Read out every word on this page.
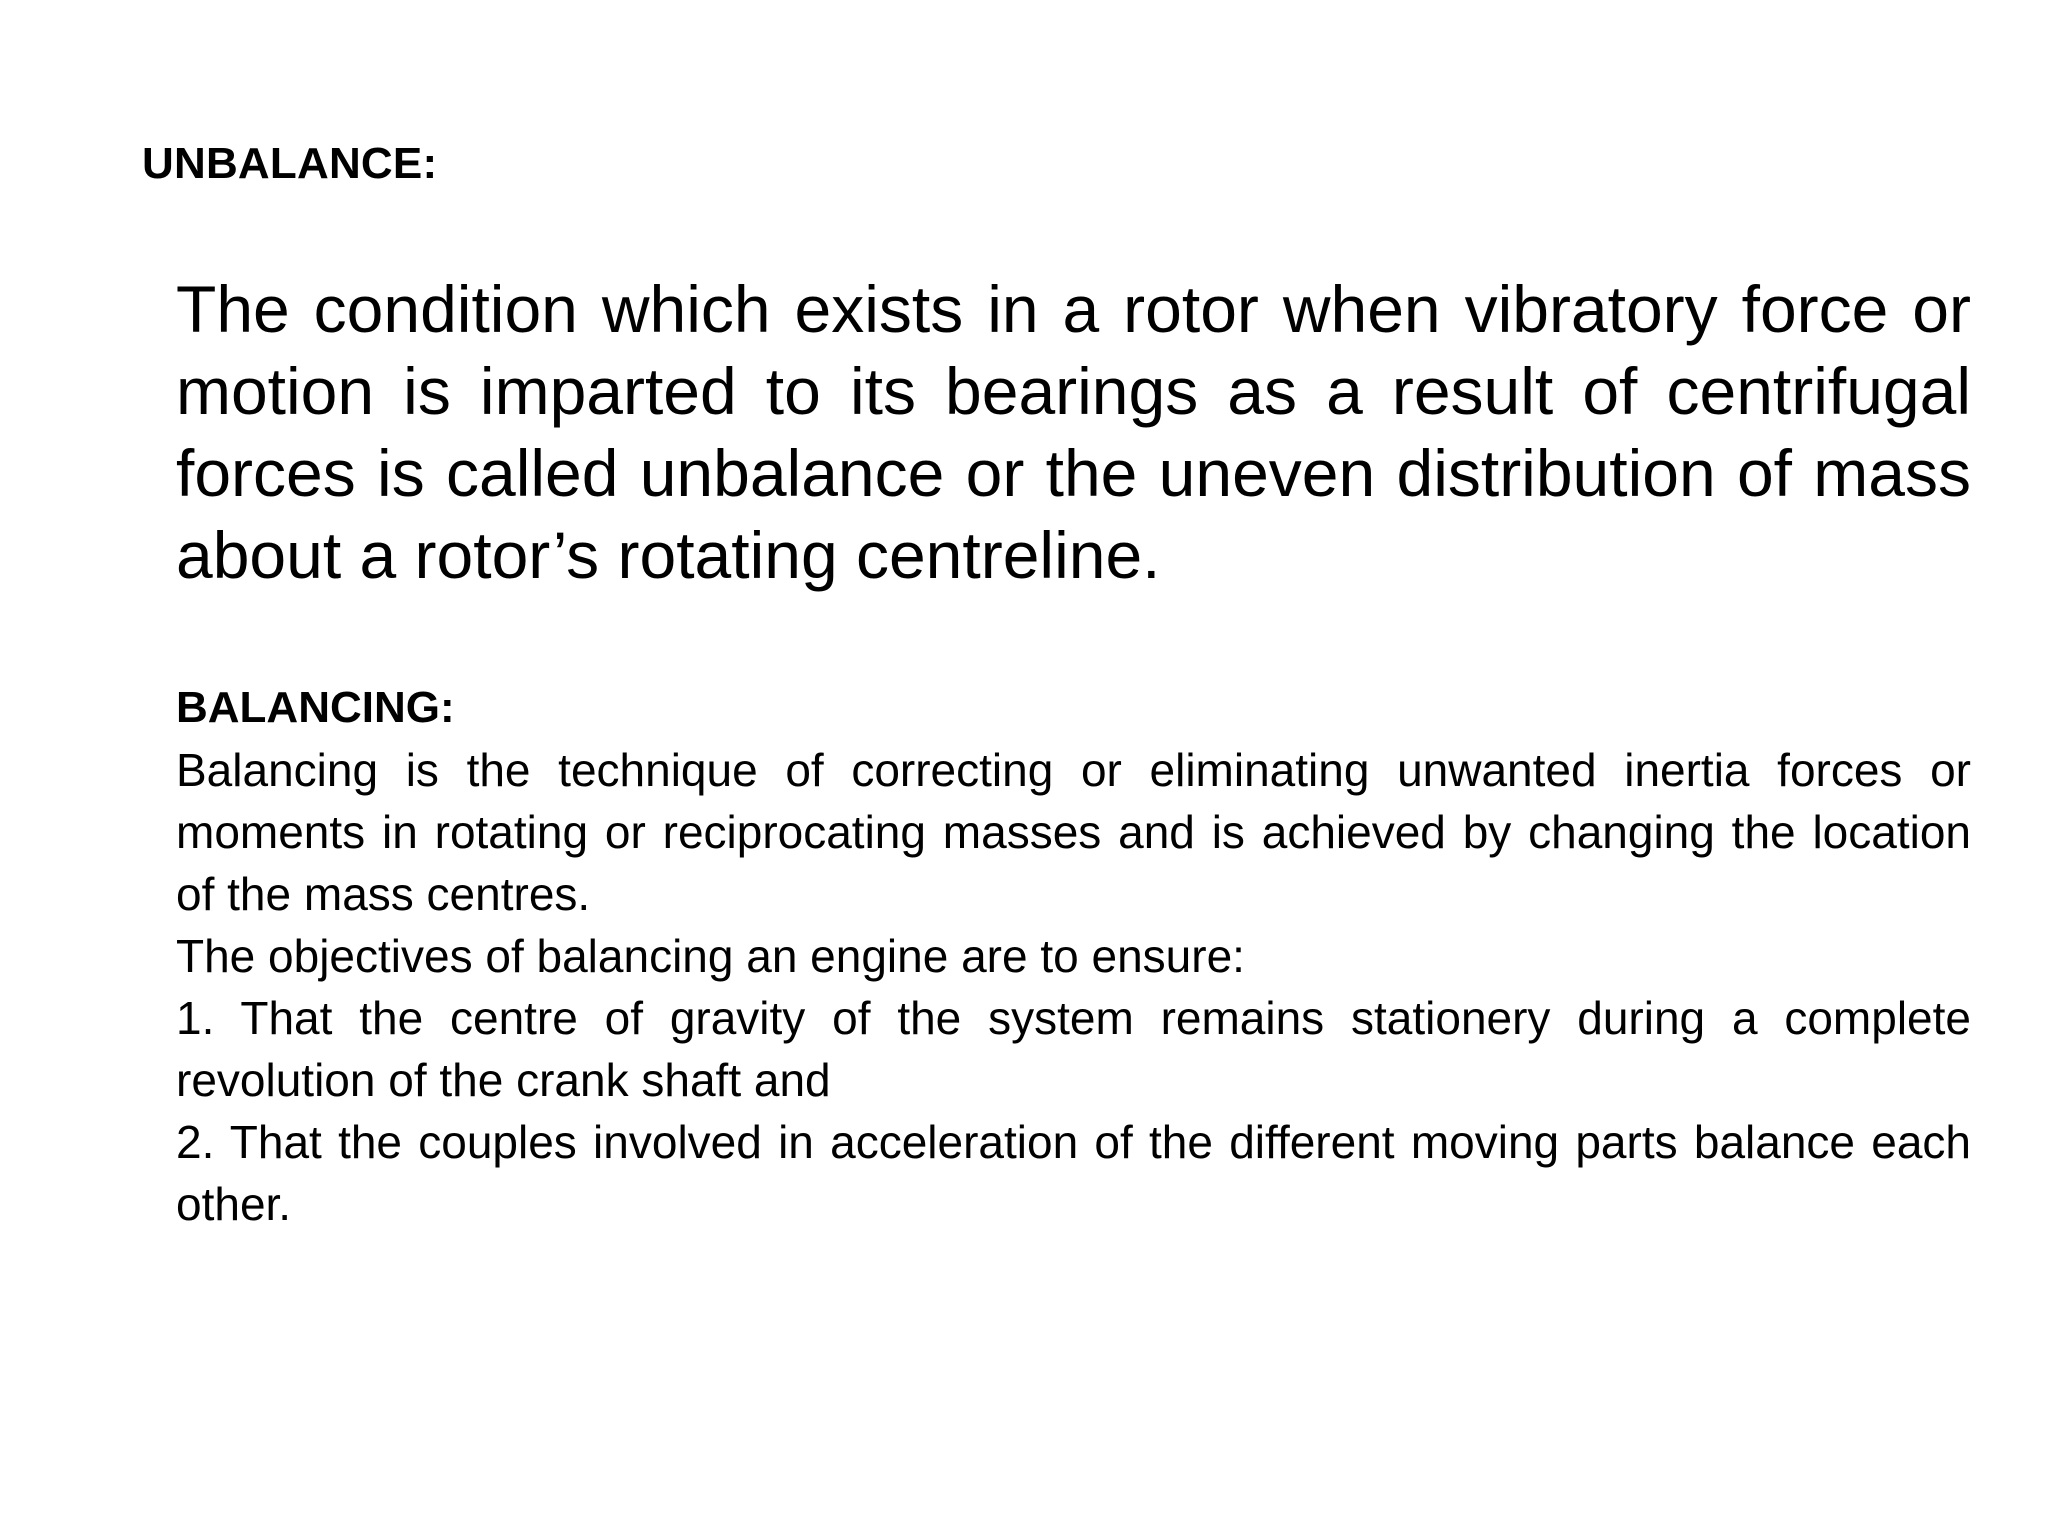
UNBALANCE:

The condition which exists in a rotor when vibratory force or motion is imparted to its bearings as a result of centrifugal forces is called unbalance or the uneven distribution of mass about a rotor’s rotating centreline.

BALANCING:

Balancing is the technique of correcting or eliminating unwanted inertia forces or moments in rotating or reciprocating masses and is achieved by changing the location of the mass centres.

The objectives of balancing an engine are to ensure:

1. That the centre of gravity of the system remains stationery during a complete revolution of the crank shaft and

2. That the couples involved in acceleration of the different moving parts balance each other.
